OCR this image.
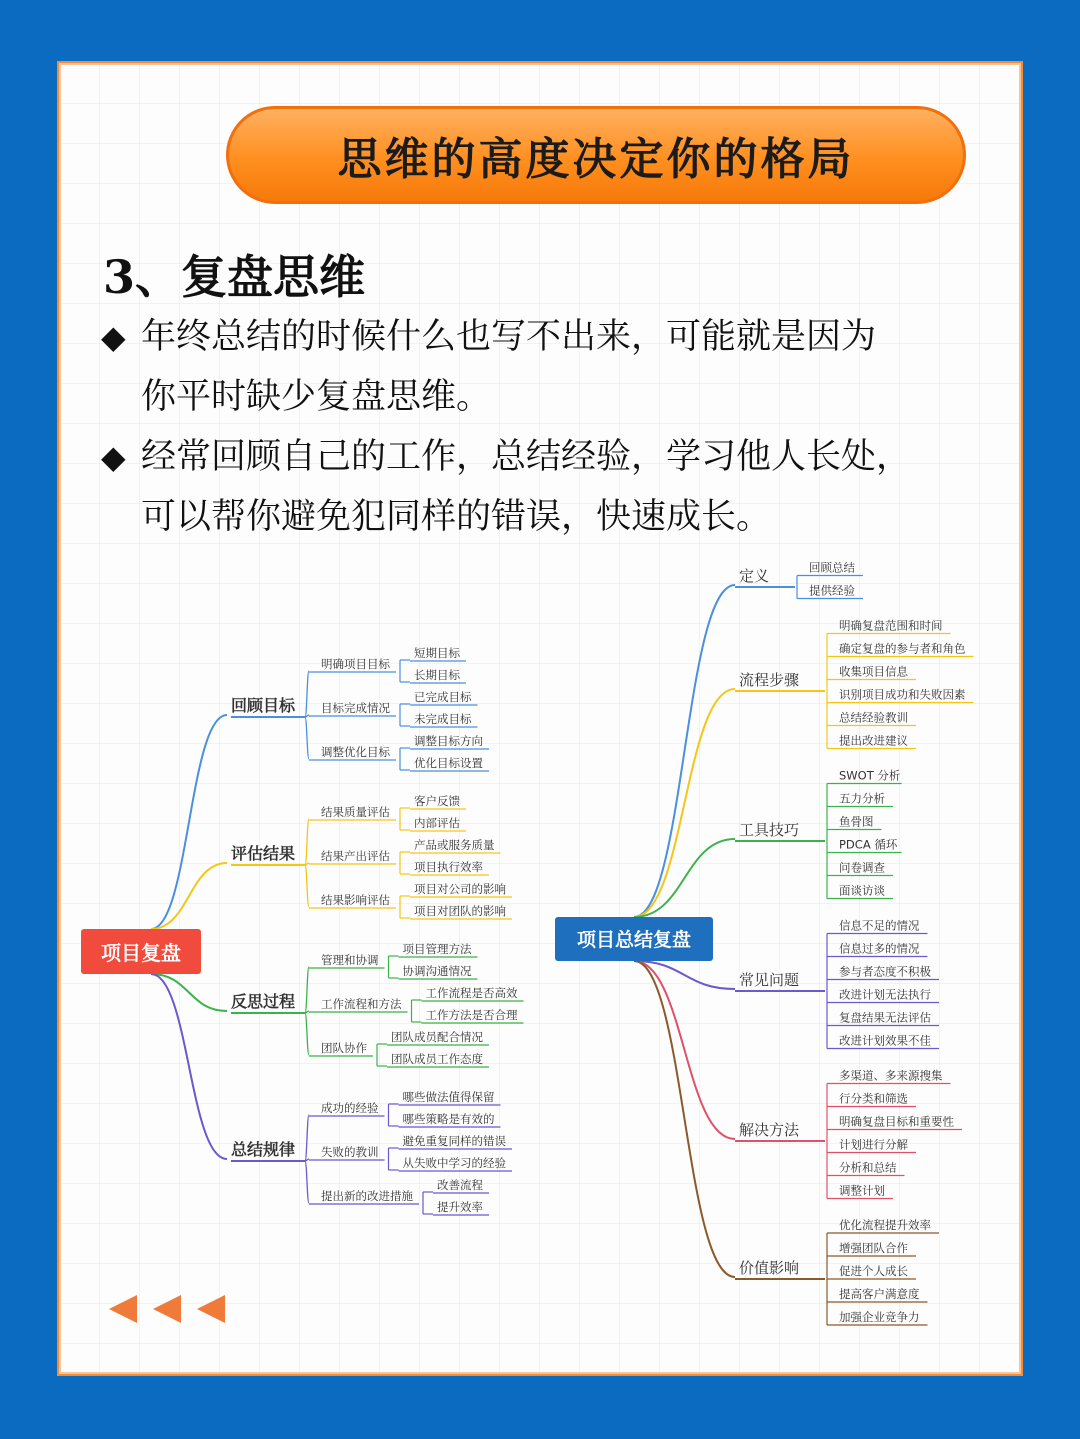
思维的高度决定你的格局
3、复盘思维
◆ 年终总结的时候什么也写不出来，可能就是因为
你平时缺少复盘思维。
◆ 经常回顾自己的工作，总结经验，学习他人长处，
可以帮你避免犯同样的错误，快速成长。
回顾目标
明确项目目标
短期目标
长期目标
目标完成情况
已完成目标
未完成目标
调整优化目标
调整目标方向
优化目标设置
评估结果
结果质量评估
客户反馈
内部评估
结果产出评估
产品或服务质量
项目执行效率
结果影响评估
项目对公司的影响
项目对团队的影响
反思过程
管理和协调
项目管理方法
协调沟通情况
工作流程和方法
工作流程是否高效
工作方法是否合理
团队协作
团队成员配合情况
团队成员工作态度
总结规律
成功的经验
哪些做法值得保留
哪些策略是有效的
失败的教训
避免重复同样的错误
从失败中学习的经验
提出新的改进措施
改善流程
提升效率
项目复盘
定义	回顾总结
提供经验
流程步骤
明确复盘范围和时间
确定复盘的参与者和角色
收集项目信息
识别项目成功和失败因素
总结经验教训
提出改进建议
工具技巧
SWOT 分析
五力分析
鱼骨图
PDCA 循环
问卷调查
面谈访谈
常见问题
信息不足的情况
信息过多的情况
参与者态度不积极
改进计划无法执行
复盘结果无法评估
改进计划效果不佳
解决方法
多渠道、多来源搜集
行分类和筛选
明确复盘目标和重要性
计划进行分解
分析和总结
调整计划
价值影响
优化流程提升效率
增强团队合作
促进个人成长
提高客户满意度
加强企业竞争力
项目总结复盘
